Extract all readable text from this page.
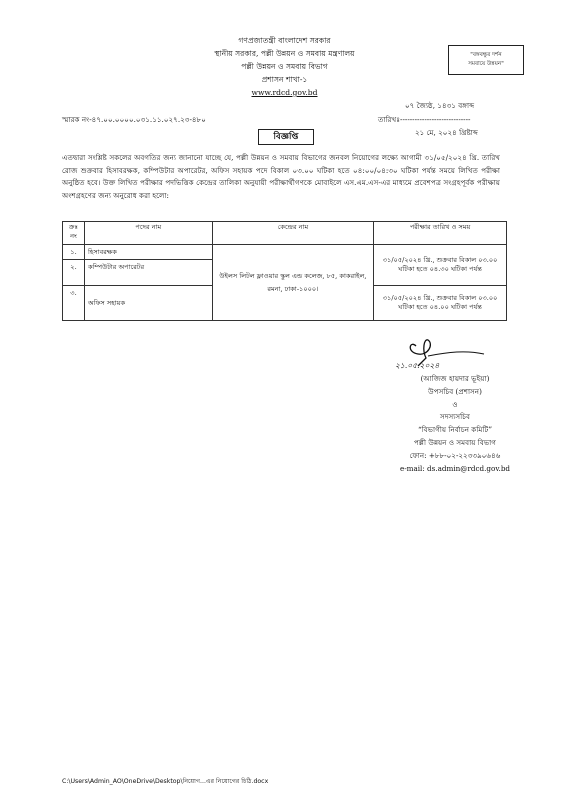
গণপ্রজাতন্ত্রী বাংলাদেশ সরকার
স্থানীয় সরকার, পল্লী উন্নয়ন ও সমবায় মন্ত্রণালয়
পল্লী উন্নয়ন ও সমবায় বিভাগ
প্রশাসন শাখা-১
www.rdcd.gov.bd
"বঙ্গবন্ধুর দর্শন
সমবায়ে উন্নয়ন"
০৭ জ্যৈষ্ঠ, ১৪৩১ বঙ্গাব্দ
স্মারক নং-৪৭.০০.০০০০.০৩১.১১.০২৭.২৩-৪৮০	তারিখঃ-----------------------------
২১ মে, ২০২৪ খ্রিষ্টাব্দ
বিজ্ঞপ্তি
এতদ্বারা সংশ্লিষ্ট সকলের অবগতির জন্য জানানো যাচ্ছে যে, পল্লী উন্নয়ন ও সমবায় বিভাগের জনবল নিয়োগের লক্ষ্যে আগামী ৩১/০৫/২০২৪ খ্রি. তারিখ রোজ শুক্রবার হিসাবরক্ষক, কম্পিউটার অপারেটর, অফিস সহায়ক পদে বিকাল ০৩.০০ ঘটিকা হতে ০৪:০০/০৪:৩০ ঘটিকা পর্যন্ত সময়ে লিখিত পরীক্ষা অনুষ্ঠিত হবে। উক্ত লিখিত পরীক্ষার পদভিত্তিক কেন্দ্রের তালিকা অনুযায়ী পরীক্ষার্থীগণকে মোবাইলে এস.এম.এস-এর মাধ্যমে প্রবেশপত্র সংগ্রহপূর্বক পরীক্ষায় অংশগ্রহণের জন্য অনুরোধ করা হলো:
ক্রঃ নং	পদের নাম	কেন্দ্রের নাম	পরীক্ষার তারিখ ও সময়
১.	হিসাবরক্ষক	উইলস লিটল ফ্লাওয়ার স্কুল এন্ড কলেজ, ৮৫, কাকরাইল, রমনা, ঢাকা-১০০০।	৩১/০৫/২০২৪ খ্রি., শুক্রবার বিকাল ০৩.০০ ঘটিকা হতে ০৪.৩০ ঘটিকা পর্যন্ত
২.	কম্পিউটার অপারেটর		
৩.	অফিস সহায়ক		৩১/০৫/২০২৪ খ্রি., শুক্রবার বিকাল ০৩.০০ ঘটিকা হতে ০৪.০০ ঘটিকা পর্যন্ত
২১.০৫.২০২৪
(আজিজ হায়দার ভূইয়া)
উপসচিব (প্রশাসন)
ও
সদস্যসচিব
“বিভাগীয় নির্বাচন কমিটি”
পল্লী উন্নয়ন ও সমবায় বিভাগ
ফোন: +৮৮-০২-২২৩৩৯০৬৪৬
e-mail: ds.admin@rdcd.gov.bd
C:\Users\Admin_AO\OneDrive\Desktop\নিয়োগ...এর নিয়োগের চিঠি.docx
